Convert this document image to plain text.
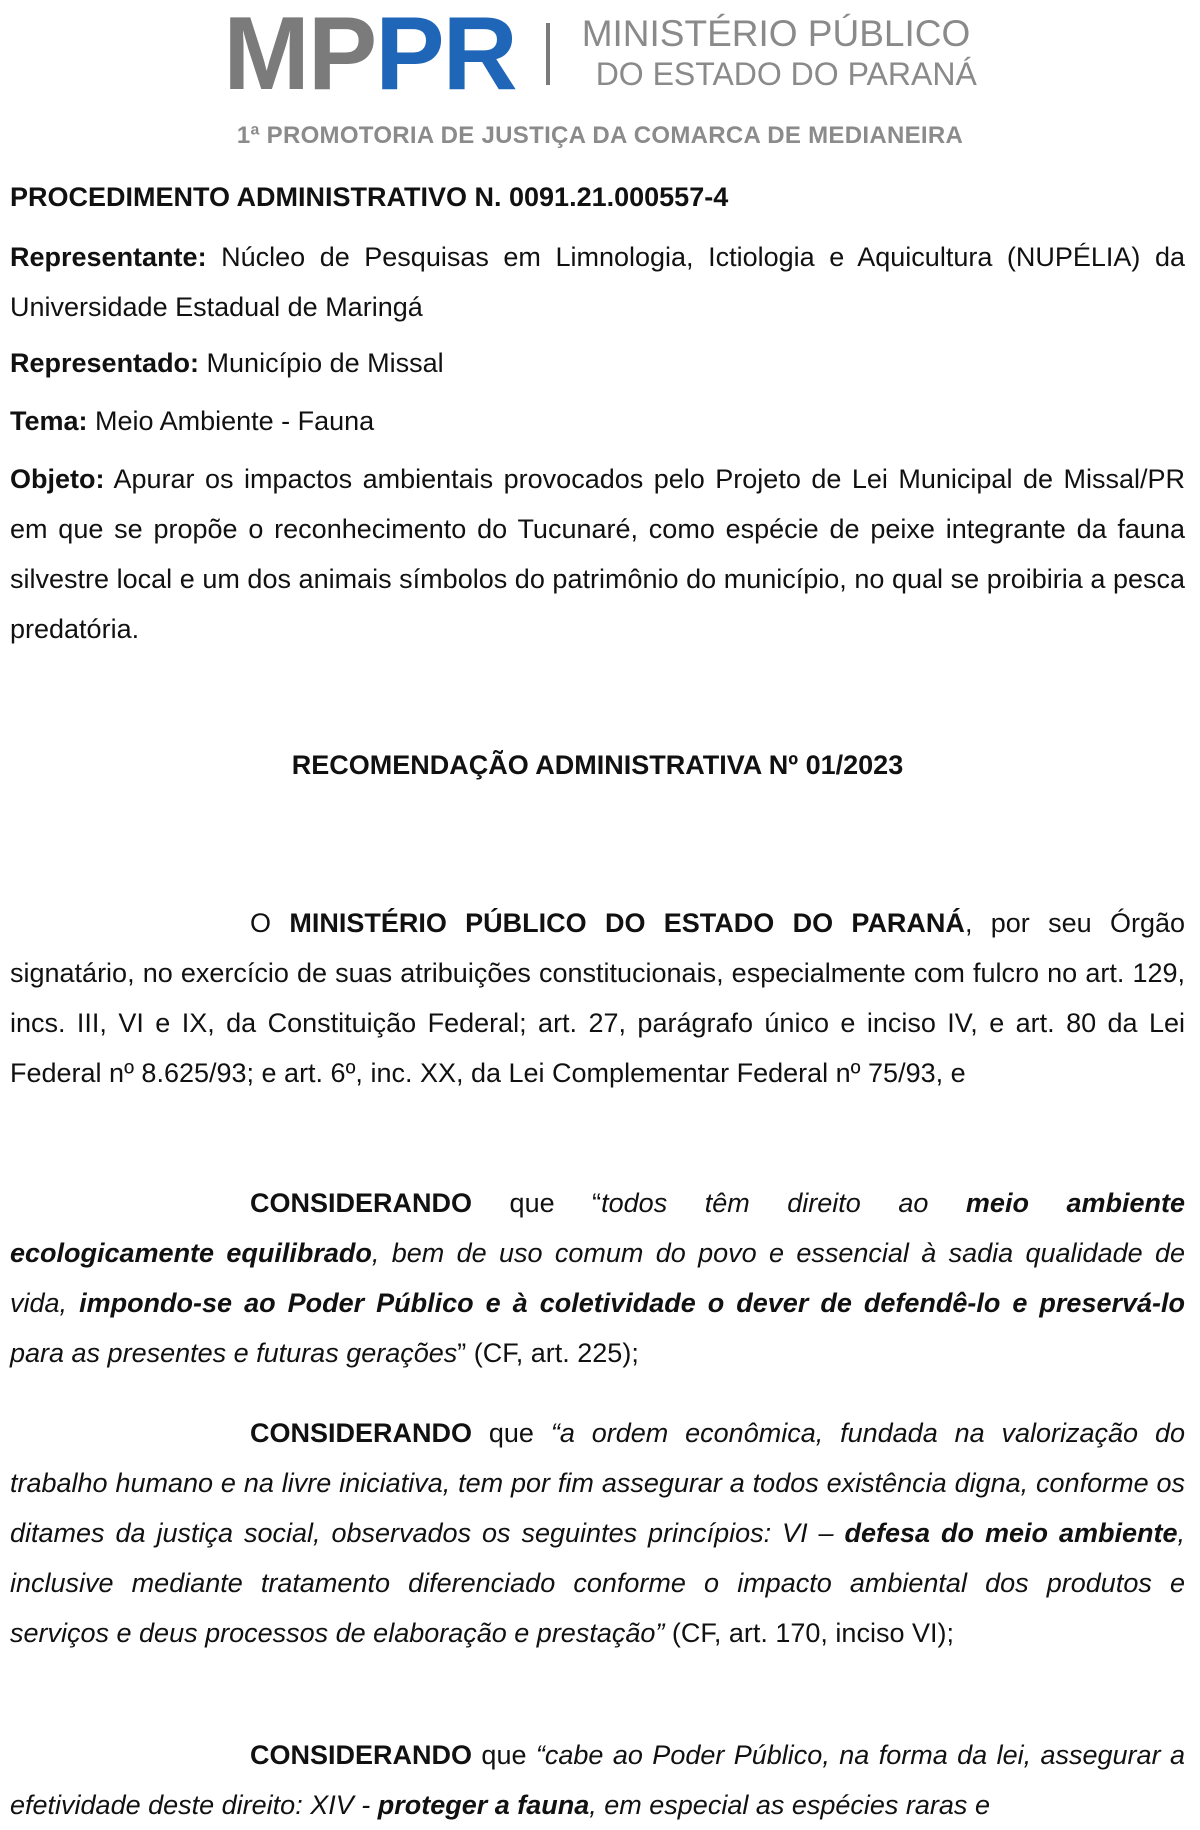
MPPR MINISTÉRIO PÚBLICO
DO ESTADO DO PARANÁ
1ª PROMOTORIA DE JUSTIÇA DA COMARCA DE MEDIANEIRA
PROCEDIMENTO ADMINISTRATIVO N. 0091.21.000557-4
Representante: Núcleo de Pesquisas em Limnologia, Ictiologia e Aquicultura (NUPÉLIA) da Universidade Estadual de Maringá
Representado: Município de Missal
Tema: Meio Ambiente - Fauna
Objeto: Apurar os impactos ambientais provocados pelo Projeto de Lei Municipal de Missal/PR em que se propõe o reconhecimento do Tucunaré, como espécie de peixe integrante da fauna silvestre local e um dos animais símbolos do patrimônio do município, no qual se proibiria a pesca predatória.
RECOMENDAÇÃO ADMINISTRATIVA Nº 01/2023
O MINISTÉRIO PÚBLICO DO ESTADO DO PARANÁ, por seu Órgão signatário, no exercício de suas atribuições constitucionais, especialmente com fulcro no art. 129, incs. III, VI e IX, da Constituição Federal; art. 27, parágrafo único e inciso IV, e art. 80 da Lei Federal nº 8.625/93; e art. 6º, inc. XX, da Lei Complementar Federal nº 75/93, e
CONSIDERANDO que “todos têm direito ao meio ambiente ecologicamente equilibrado, bem de uso comum do povo e essencial à sadia qualidade de vida, impondo-se ao Poder Público e à coletividade o dever de defendê-lo e preservá-lo para as presentes e futuras gerações” (CF, art. 225);
CONSIDERANDO que “a ordem econômica, fundada na valorização do trabalho humano e na livre iniciativa, tem por fim assegurar a todos existência digna, conforme os ditames da justiça social, observados os seguintes princípios: VI – defesa do meio ambiente, inclusive mediante tratamento diferenciado conforme o impacto ambiental dos produtos e serviços e deus processos de elaboração e prestação” (CF, art. 170, inciso VI);
CONSIDERANDO que “cabe ao Poder Público, na forma da lei, assegurar a efetividade deste direito: XIV - proteger a fauna, em especial as espécies raras e
